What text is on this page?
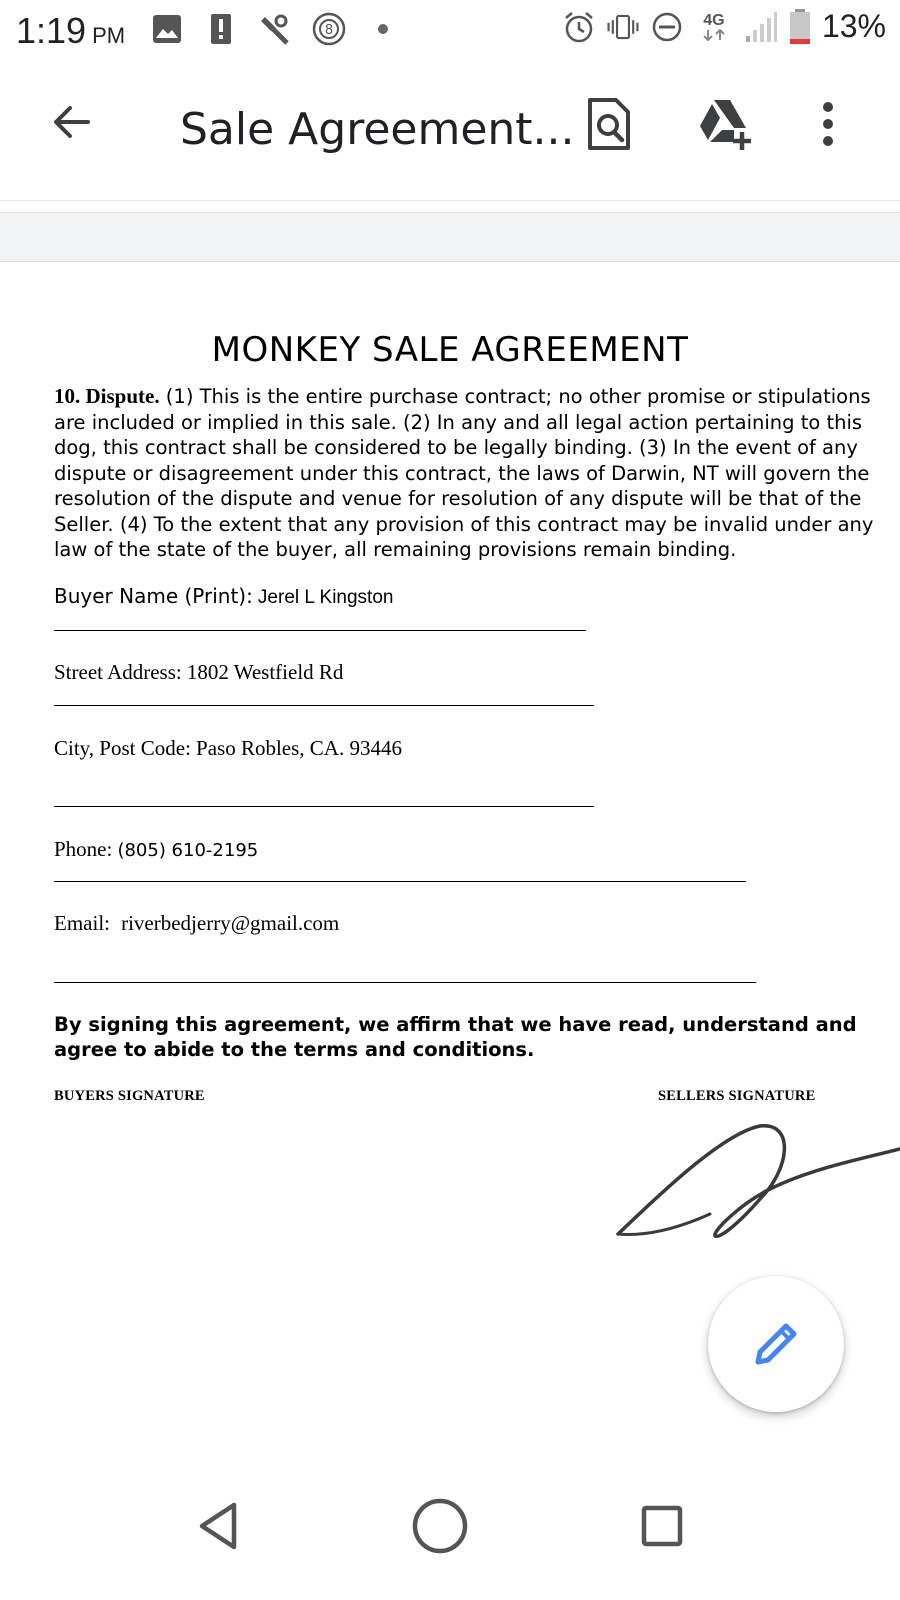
1:19 PM	8
4G	13%
Sale Agreement...
MONKEY SALE AGREEMENT
10. Dispute. (1) This is the entire purchase contract; no other promise or stipulations are included or implied in this sale. (2) In any and all legal action pertaining to this dog, this contract shall be considered to be legally binding. (3) In the event of any dispute or disagreement under this contract, the laws of Darwin, NT will govern the resolution of the dispute and venue for resolution of any dispute will be that of the Seller. (4) To the extent that any provision of this contract may be invalid under any law of the state of the buyer, all remaining provisions remain binding.
Buyer Name (Print): Jerel L Kingston
Street Address: 1802 Westfield Rd
City, Post Code: Paso Robles, CA. 93446
Phone: (805) 610-2195
Email: riverbedjerry@gmail.com
By signing this agreement, we affirm that we have read, understand and agree to abide to the terms and conditions.
BUYERS SIGNATURE	SELLERS SIGNATURE
